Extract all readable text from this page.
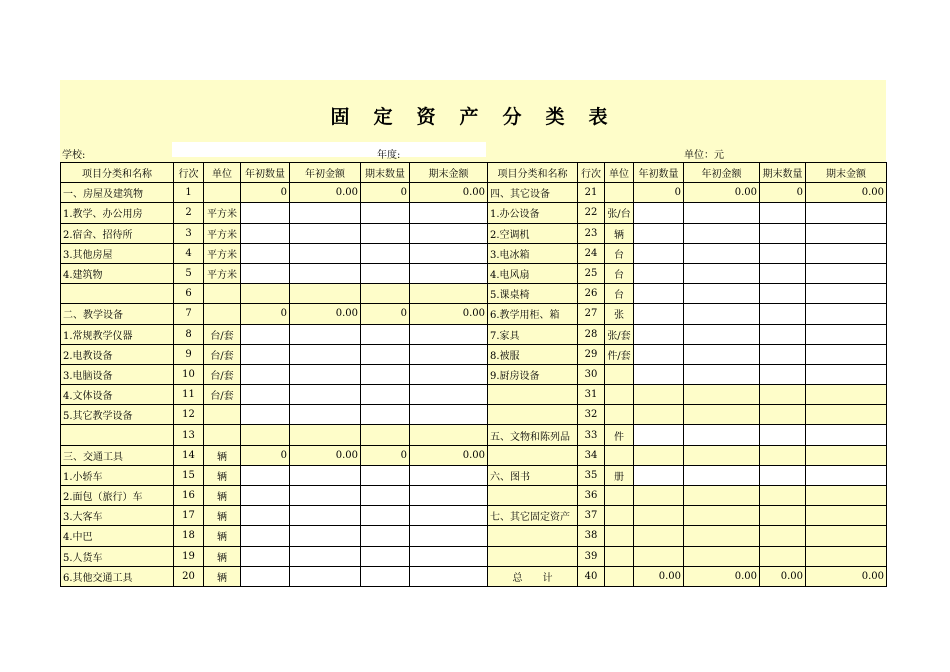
固 定 资 产 分 类 表
学校:	年度:	单位：元
项目分类和名称	行次	单位	年初数量	年初金额	期末数量	期末金额	项目分类和名称	行次	单位	年初数量	年初金额	期末数量	期末金额
一、房屋及建筑物	1		0	0.00	0	0.00	四、其它设备	21		0	0.00	0	0.00
1.教学、办公用房	2	平方米					1.办公设备	22	张/台				
2.宿舍、招待所	3	平方米					2.空调机	23	辆				
3.其他房屋	4	平方米					3.电冰箱	24	台				
4.建筑物	5	平方米					4.电风扇	25	台				
	6						5.课桌椅	26	台				
二、教学设备	7		0	0.00	0	0.00	6.教学用柜、箱	27	张				
1.常规教学仪器	8	台/套					7.家具	28	张/套				
2.电教设备	9	台/套					8.被服	29	件/套				
3.电脑设备	10	台/套					9.厨房设备	30					
4.文体设备	11	台/套						31					
5.其它教学设备	12							32					
	13						五、文物和陈列品	33	件				
三、交通工具	14	辆	0	0.00	0	0.00		34					
1.小轿车	15	辆					六、图书	35	册				
2.面包（旅行）车	16	辆						36					
3.大客车	17	辆					七、其它固定资产	37					
4.中巴	18	辆						38					
5.人货车	19	辆						39					
6.其他交通工具	20	辆					总　　计	40		0.00	0.00	0.00	0.00
